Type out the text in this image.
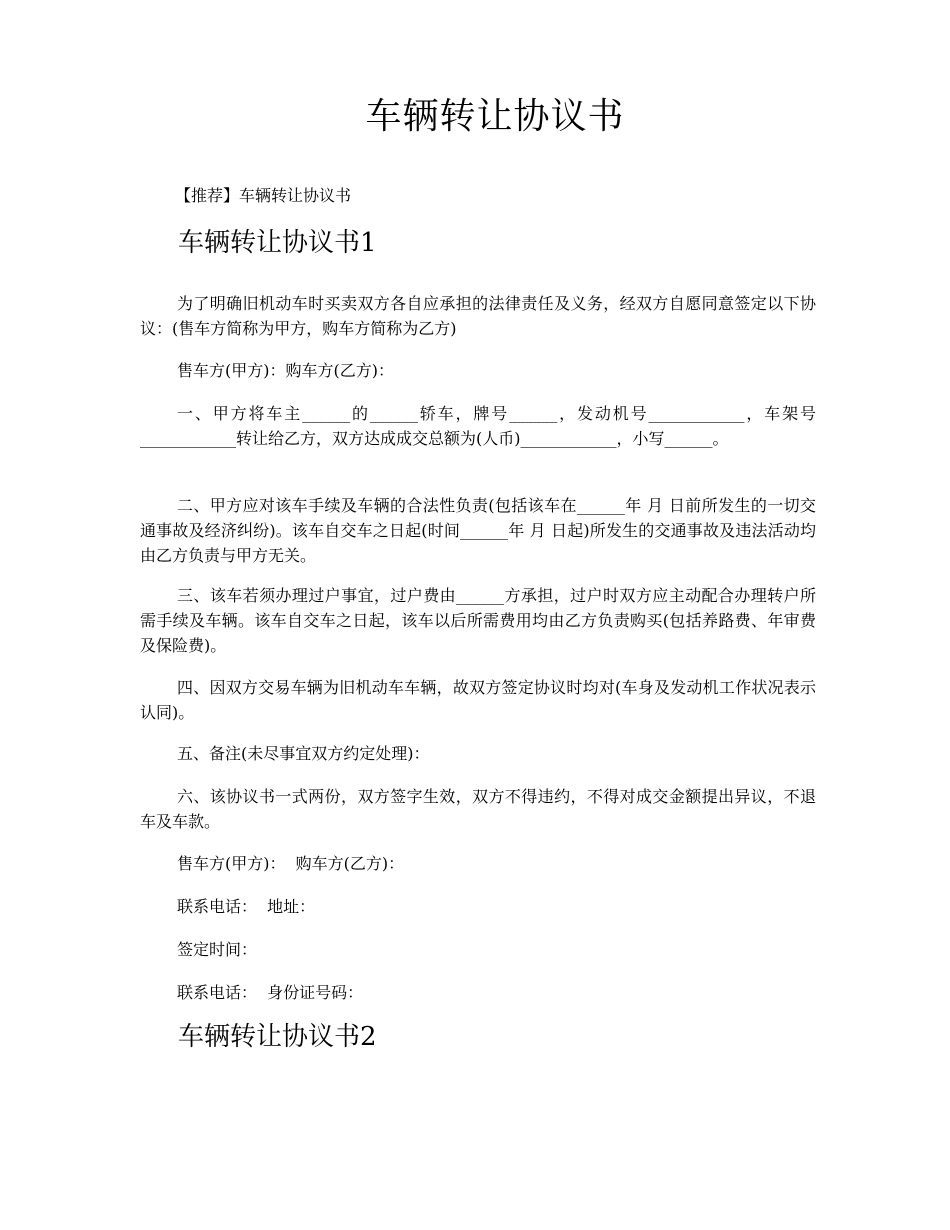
车辆转让协议书

【推荐】车辆转让协议书

车辆转让协议书1

为了明确旧机动车时买卖双方各自应承担的法律责任及义务，经双方自愿同意签定以下协议：(售车方简称为甲方，购车方简称为乙方)

售车方(甲方)：购车方(乙方)：

一、甲方将车主______的______轿车，牌号______，发动机号____________，车架号____________转让给乙方，双方达成成交总额为(人币)____________，小写______。

二、甲方应对该车手续及车辆的合法性负责(包括该车在______年 月 日前所发生的一切交通事故及经济纠纷)。该车自交车之日起(时间______年 月 日起)所发生的交通事故及违法活动均由乙方负责与甲方无关。

三、该车若须办理过户事宜，过户费由______方承担，过户时双方应主动配合办理转户所需手续及车辆。该车自交车之日起，该车以后所需费用均由乙方负责购买(包括养路费、年审费及保险费)。

四、因双方交易车辆为旧机动车车辆，故双方签定协议时均对(车身及发动机工作状况表示认同)。

五、备注(未尽事宜双方约定处理)：

六、该协议书一式两份，双方签字生效，双方不得违约，不得对成交金额提出异议，不退车及车款。

售车方(甲方)：  购车方(乙方)：

联系电话：  地址：

签定时间：

联系电话：  身份证号码：

车辆转让协议书2
